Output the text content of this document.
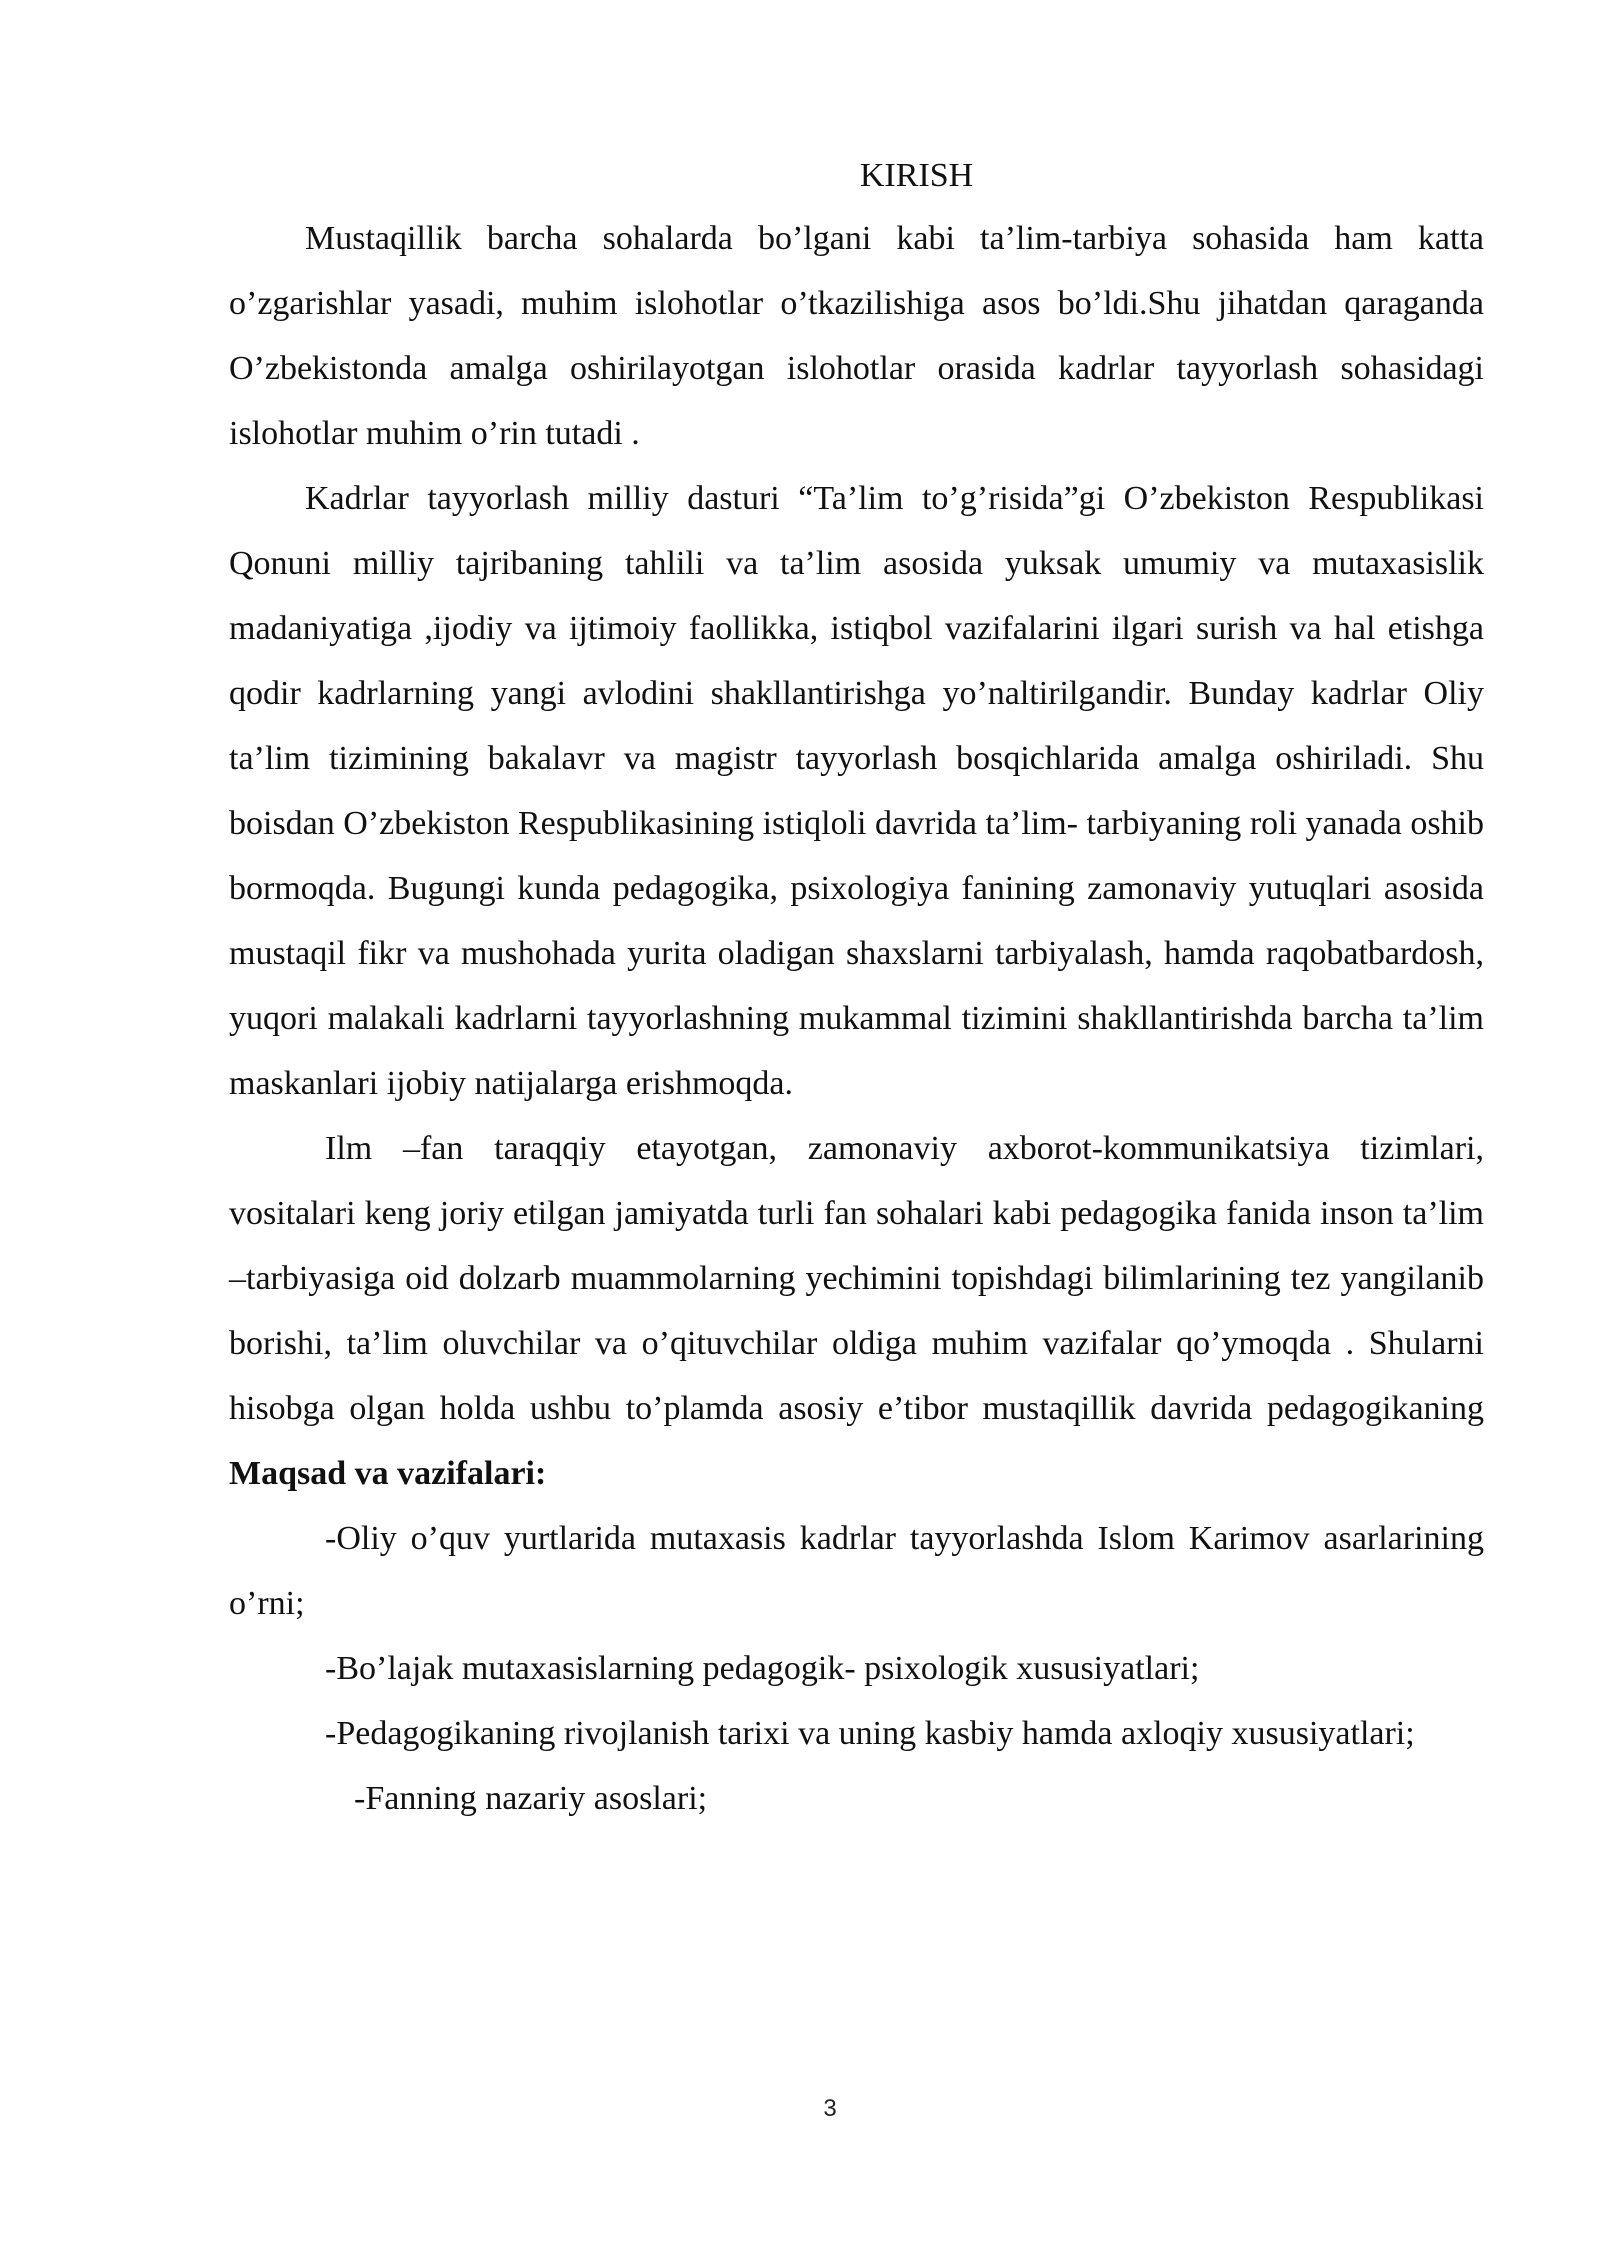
KIRISH

Mustaqillik barcha sohalarda bo’lgani kabi ta’lim-tarbiya sohasida ham katta o’zgarishlar yasadi, muhim islohotlar o’tkazilishiga asos bo’ldi.Shu jihatdan qaraganda O’zbekistonda amalga oshirilayotgan islohotlar orasida kadrlar tayyorlash sohasidagi islohotlar muhim o’rin tutadi .

Kadrlar tayyorlash milliy dasturi “Ta’lim to’g’risida”gi O’zbekiston Respublikasi Qonuni milliy tajribaning tahlili va ta’lim asosida yuksak umumiy va mutaxasislik madaniyatiga ,ijodiy va ijtimoiy faollikka, istiqbol vazifalarini ilgari surish va hal etishga qodir kadrlarning yangi avlodini shakllantirishga yo’naltirilgandir. Bunday kadrlar Oliy ta’lim tizimining bakalavr va magistr tayyorlash bosqichlarida amalga oshiriladi. Shu boisdan O’zbekiston Respublikasining istiqloli davrida ta’lim- tarbiyaning roli yanada oshib bormoqda. Bugungi kunda pedagogika, psixologiya fanining zamonaviy yutuqlari asosida mustaqil fikr va mushohada yurita oladigan shaxslarni tarbiyalash, hamda raqobatbardosh, yuqori malakali kadrlarni tayyorlashning mukammal tizimini shakllantirishda barcha ta’lim maskanlari ijobiy natijalarga erishmoqda.

Ilm –fan taraqqiy etayotgan, zamonaviy axborot-kommunikatsiya tizimlari, vositalari keng joriy etilgan jamiyatda turli fan sohalari kabi pedagogika fanida inson ta’lim –tarbiyasiga oid dolzarb muammolarning yechimini topishdagi bilimlarining tez yangilanib borishi, ta’lim oluvchilar va o’qituvchilar oldiga muhim vazifalar qo’ymoqda . Shularni hisobga olgan holda ushbu to’plamda asosiy e’tibor mustaqillik davrida pedagogikaning Maqsad va vazifalari:

-Oliy o’quv yurtlarida mutaxasis kadrlar tayyorlashda Islom Karimov asarlarining o’rni;

-Bo’lajak mutaxasislarning pedagogik- psixologik xususiyatlari;

-Pedagogikaning rivojlanish tarixi va uning kasbiy hamda axloqiy xususiyatlari;

-Fanning nazariy asoslari;

3
